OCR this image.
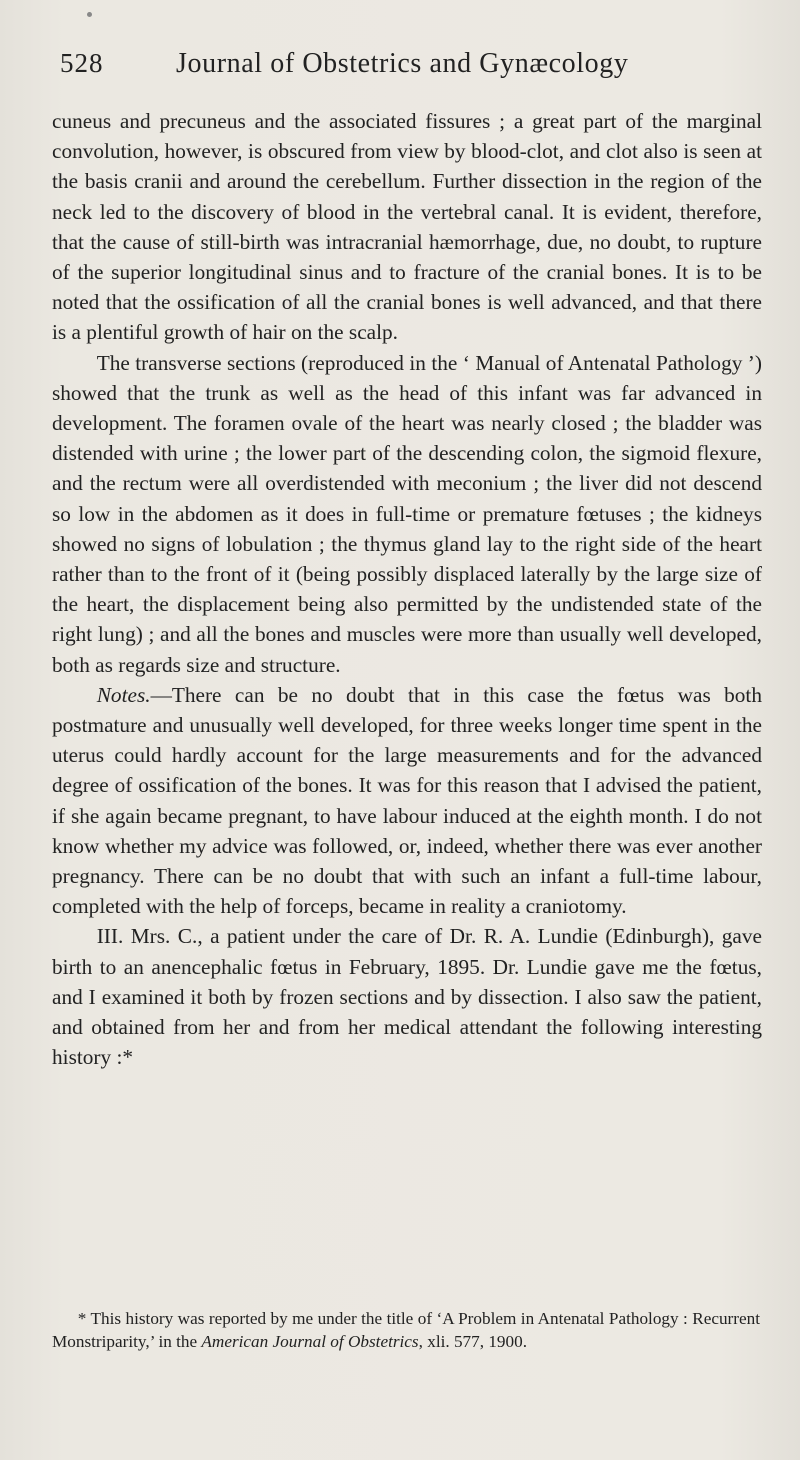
528	Journal of Obstetrics and Gynæcology

cuneus and precuneus and the associated fissures ; a great part of the marginal convolution, however, is obscured from view by blood-clot, and clot also is seen at the basis cranii and around the cerebellum. Further dissection in the region of the neck led to the discovery of blood in the vertebral canal. It is evident, therefore, that the cause of still-birth was intracranial hæmorrhage, due, no doubt, to rupture of the superior longitudinal sinus and to fracture of the cranial bones. It is to be noted that the ossification of all the cranial bones is well advanced, and that there is a plentiful growth of hair on the scalp.

The transverse sections (reproduced in the ‘ Manual of Antenatal Pathology ’) showed that the trunk as well as the head of this infant was far advanced in development. The foramen ovale of the heart was nearly closed ; the bladder was distended with urine ; the lower part of the descending colon, the sigmoid flexure, and the rectum were all overdistended with meconium ; the liver did not descend so low in the abdomen as it does in full-time or premature fœtuses ; the kidneys showed no signs of lobulation ; the thymus gland lay to the right side of the heart rather than to the front of it (being possibly displaced laterally by the large size of the heart, the displacement being also permitted by the undistended state of the right lung) ; and all the bones and muscles were more than usually well developed, both as regards size and structure.

Notes.—There can be no doubt that in this case the fœtus was both postmature and unusually well developed, for three weeks longer time spent in the uterus could hardly account for the large measurements and for the advanced degree of ossification of the bones. It was for this reason that I advised the patient, if she again became pregnant, to have labour induced at the eighth month. I do not know whether my advice was followed, or, indeed, whether there was ever another pregnancy. There can be no doubt that with such an infant a full-time labour, completed with the help of forceps, became in reality a craniotomy.

III. Mrs. C., a patient under the care of Dr. R. A. Lundie (Edinburgh), gave birth to an anencephalic fœtus in February, 1895. Dr. Lundie gave me the fœtus, and I examined it both by frozen sections and by dissection. I also saw the patient, and obtained from her and from her medical attendant the following interesting history :*

* This history was reported by me under the title of ‘A Problem in Antenatal Pathology : Recurrent Monstriparity,’ in the American Journal of Obstetrics, xli. 577, 1900.
